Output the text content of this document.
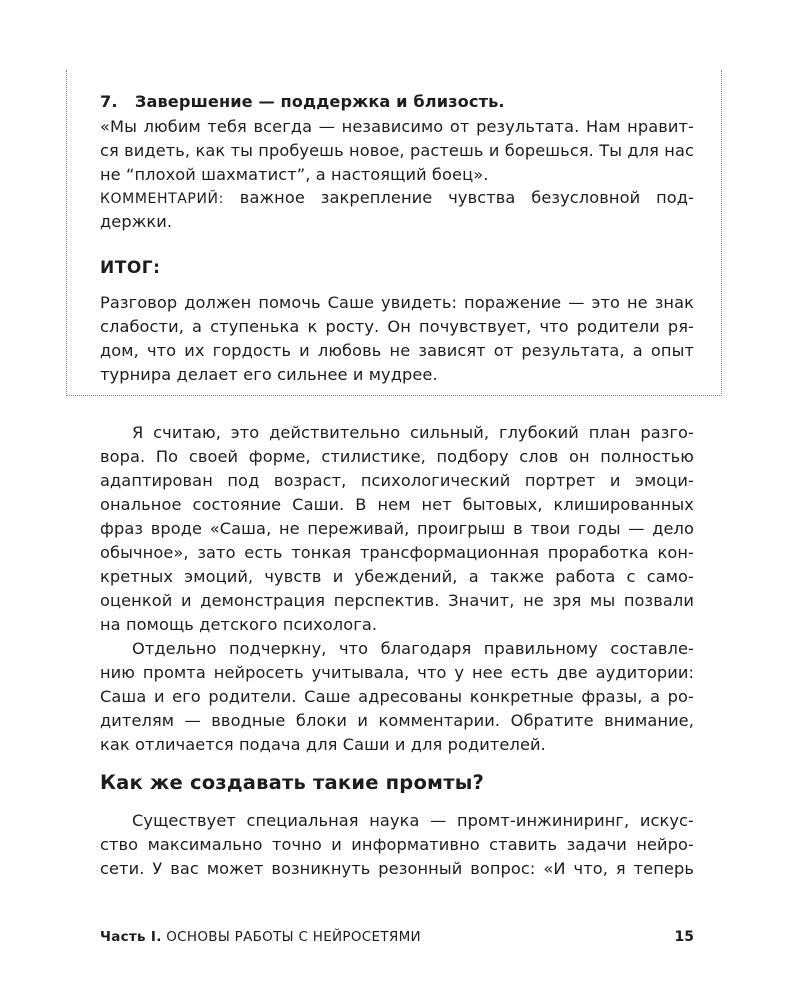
7. Завершение — поддержка и близость.
«Мы любим тебя всегда — независимо от результата. Нам нравит-
ся видеть, как ты пробуешь новое, растешь и борешься. Ты для нас
не “плохой шахматист”, а настоящий боец».
КОММЕНТАРИЙ: важное закрепление чувства безусловной под-
держки.
ИТОГ:
Разговор должен помочь Саше увидеть: поражение — это не знак
слабости, а ступенька к росту. Он почувствует, что родители ря-
дом, что их гордость и любовь не зависят от результата, а опыт
турнира делает его сильнее и мудрее.
Я считаю, это действительно сильный, глубокий план разго-
вора. По своей форме, стилистике, подбору слов он полностью
адаптирован под возраст, психологический портрет и эмоци-
ональное состояние Саши. В нем нет бытовых, клишированных
фраз вроде «Саша, не переживай, проигрыш в твои годы — дело
обычное», зато есть тонкая трансформационная проработка кон-
кретных эмоций, чувств и убеждений, а также работа с само-
оценкой и демонстрация перспектив. Значит, не зря мы позвали
на помощь детского психолога.
Отдельно подчеркну, что благодаря правильному составле-
нию промта нейросеть учитывала, что у нее есть две аудитории:
Саша и его родители. Саше адресованы конкретные фразы, а ро-
дителям — вводные блоки и комментарии. Обратите внимание,
как отличается подача для Саши и для родителей.
Как же создавать такие промты?
Существует специальная наука — промт-инжиниринг, искус-
ство максимально точно и информативно ставить задачи нейро-
сети. У вас может возникнуть резонный вопрос: «И что, я теперь
Часть I. ОСНОВЫ РАБОТЫ С НЕЙРОСЕТЯМИ	15
